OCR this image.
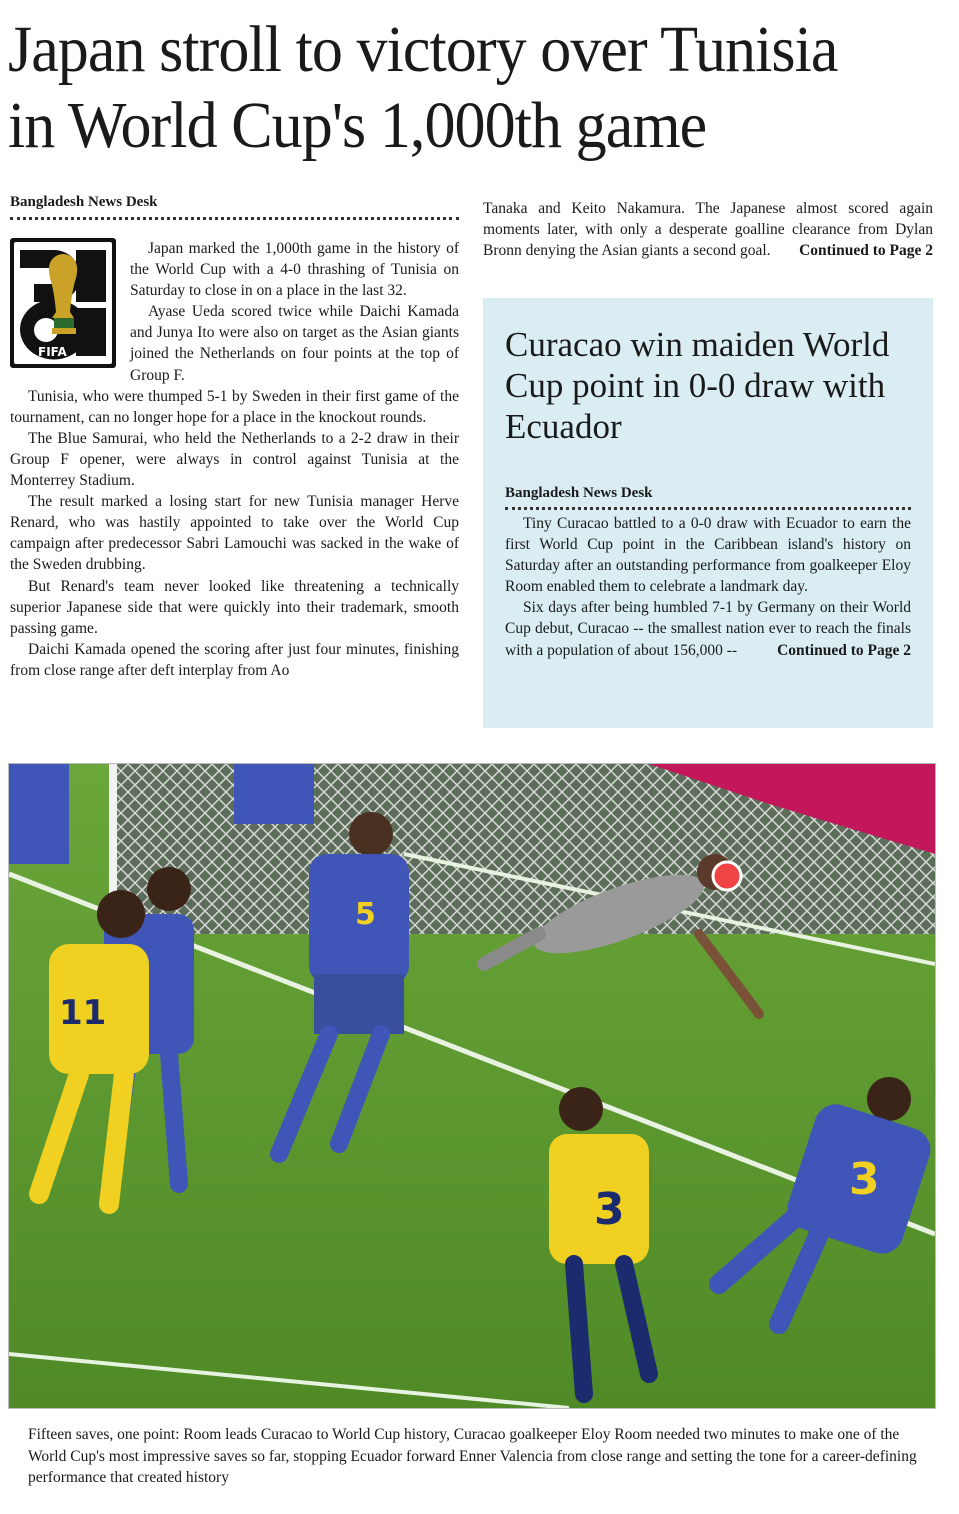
Japan stroll to victory over Tunisia
in World Cup's 1,000th game
Bangladesh News Desk
FIFA

Japan marked the 1,000th game in the history of the World Cup with a 4-0 thrashing of Tunisia on Saturday to close in on a place in the last 32.

Ayase Ueda scored twice while Daichi Kamada and Junya Ito were also on target as the Asian giants joined the Netherlands on four points at the top of Group F.

Tunisia, who were thumped 5-1 by Sweden in their first game of the tournament, can no longer hope for a place in the knockout rounds.

The Blue Samurai, who held the Netherlands to a 2-2 draw in their Group F opener, were always in control against Tunisia at the Monterrey Stadium.

The result marked a losing start for new Tunisia manager Herve Renard, who was hastily appointed to take over the World Cup campaign after predecessor Sabri Lamouchi was sacked in the wake of the Sweden drubbing.

But Renard's team never looked like threatening a technically superior Japanese side that were quickly into their trademark, smooth passing game.

Daichi Kamada opened the scoring after just four minutes, finishing from close range after deft interplay from Ao

Tanaka and Keito Nakamura. The Japanese almost scored again moments later, with only a desperate goalline clearance from Dylan Bronn denying the Asian giants a second goal. Continued to Page 2

Curacao win maiden World Cup point in 0-0 draw with Ecuador
Bangladesh News Desk

Tiny Curacao battled to a 0-0 draw with Ecuador to earn the first World Cup point in the Caribbean island's history on Saturday after an outstanding performance from goalkeeper Eloy Room enabled them to celebrate a landmark day.

Six days after being humbled 7-1 by Germany on their World Cup debut, Curacao -- the smallest nation ever to reach the finals with a population of about 156,000 --	Continued to Page 2

5
11
3
3
Fifteen saves, one point: Room leads Curacao to World Cup history, Curacao goalkeeper Eloy Room needed two minutes to make one of the World Cup's most impressive saves so far, stopping Ecuador forward Enner Valencia from close range and setting the tone for a career-defining performance that created history
